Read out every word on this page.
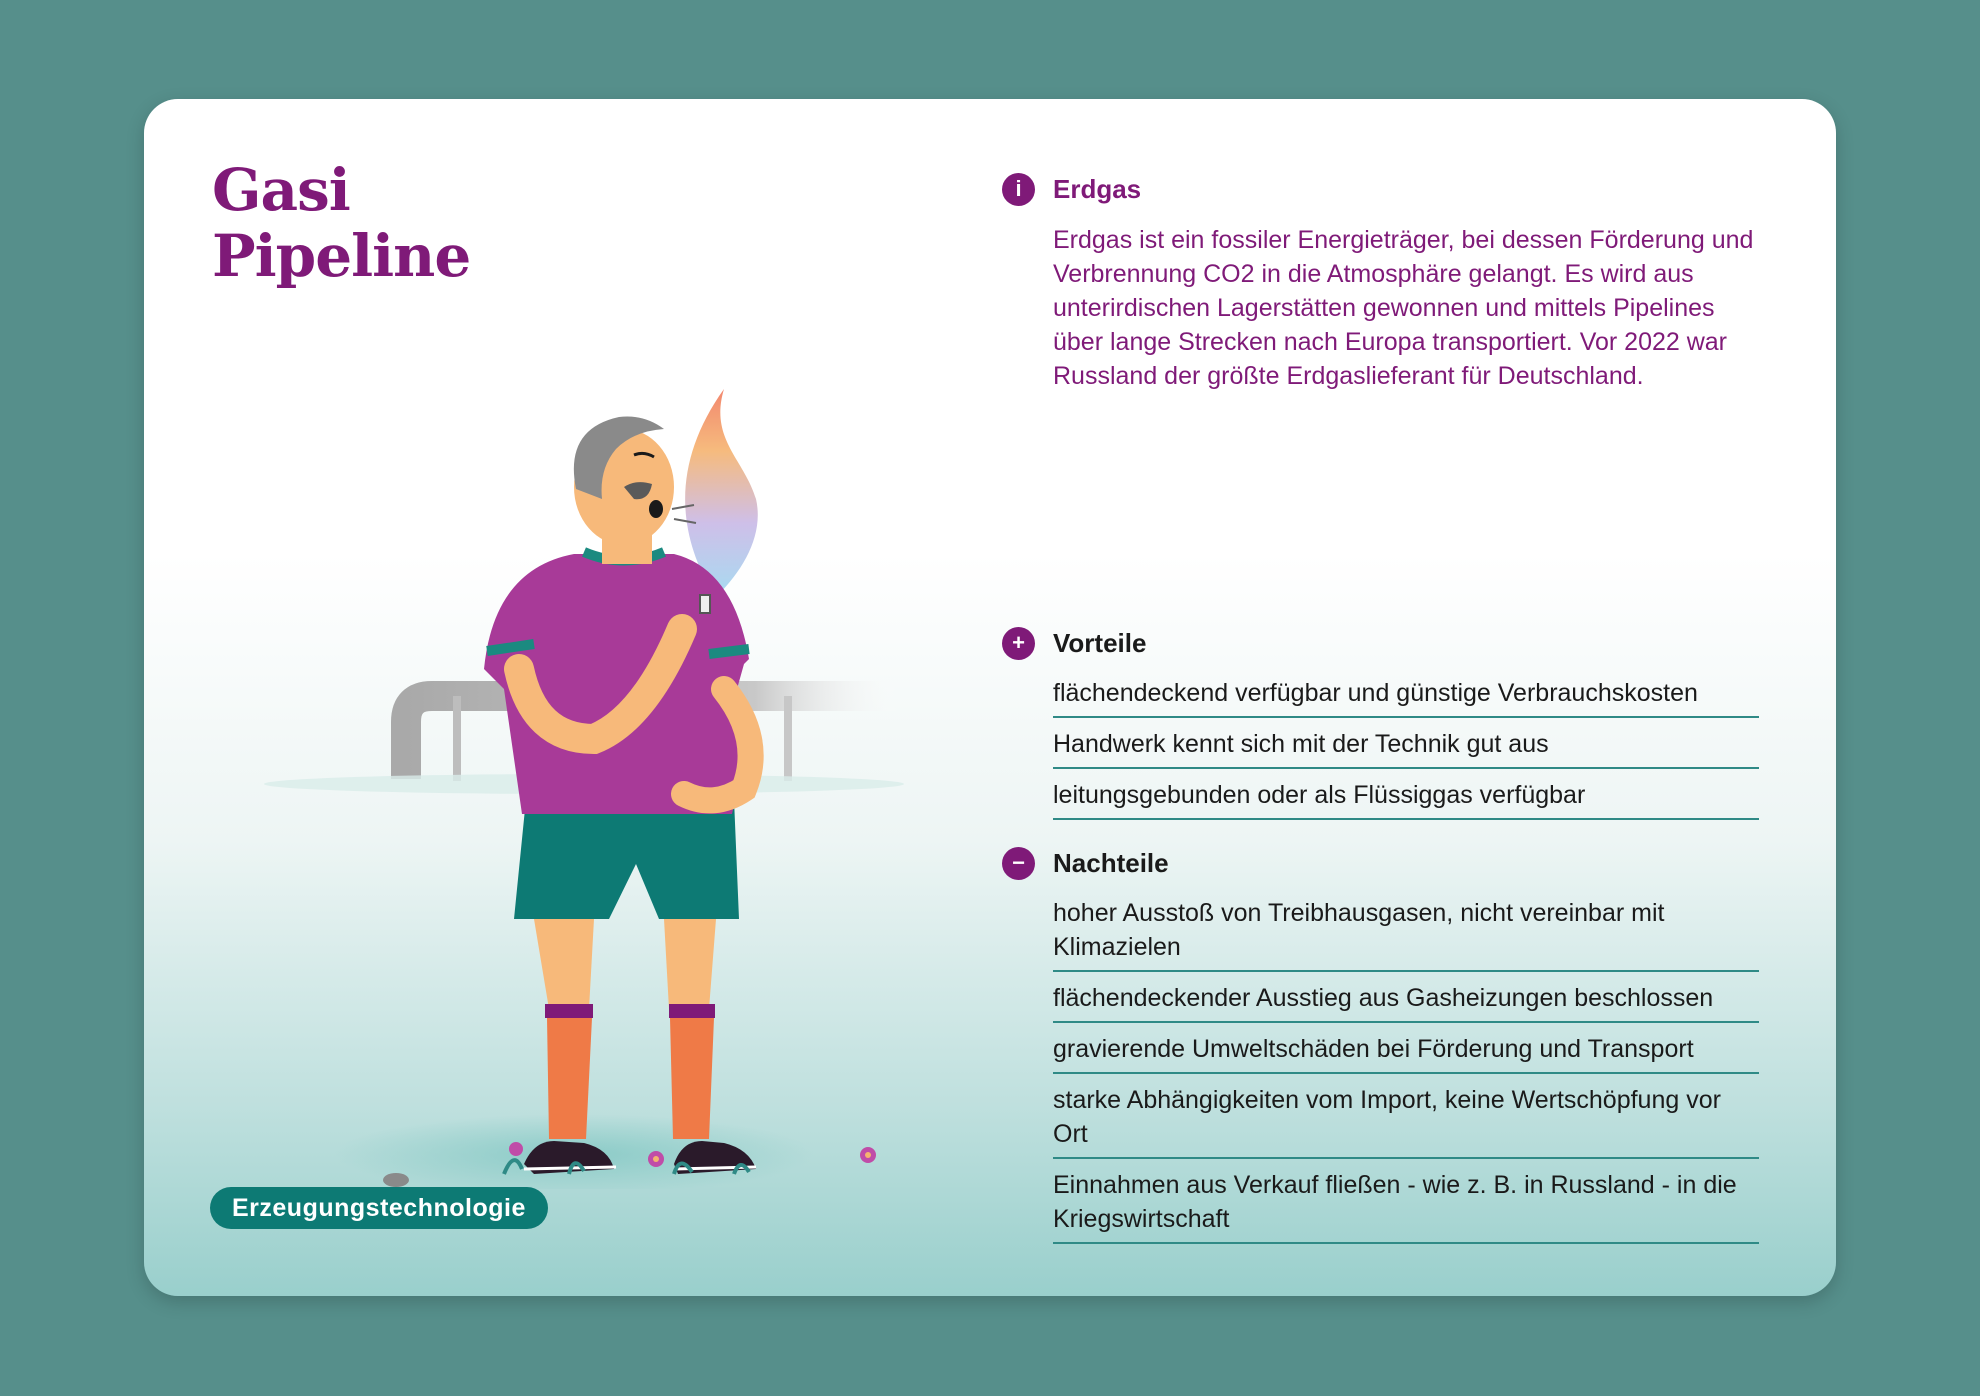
Gasi
Pipeline
Erzeugungstechnologie
i	Erdgas

Erdgas ist ein fossiler Energieträger, bei dessen Förderung und Verbrennung CO2 in die Atmosphäre gelangt. Es wird aus unterirdischen Lagerstätten gewonnen und mittels Pipelines über lange Strecken nach Europa transportiert. Vor 2022 war Russland der größte Erdgaslieferant für Deutschland.

+	Vorteile
flächendeckend verfügbar und günstige Verbrauchskosten
Handwerk kennt sich mit der Technik gut aus
leitungsgebunden oder als Flüssiggas verfügbar
−	Nachteile
hoher Ausstoß von Treibhausgasen, nicht vereinbar mit Klimazielen
flächendeckender Ausstieg aus Gasheizungen beschlossen
gravierende Umweltschäden bei Förderung und Transport
starke Abhängigkeiten vom Import, keine Wertschöpfung vor Ort
Einnahmen aus Verkauf fließen - wie z. B. in Russland - in die Kriegswirtschaft
